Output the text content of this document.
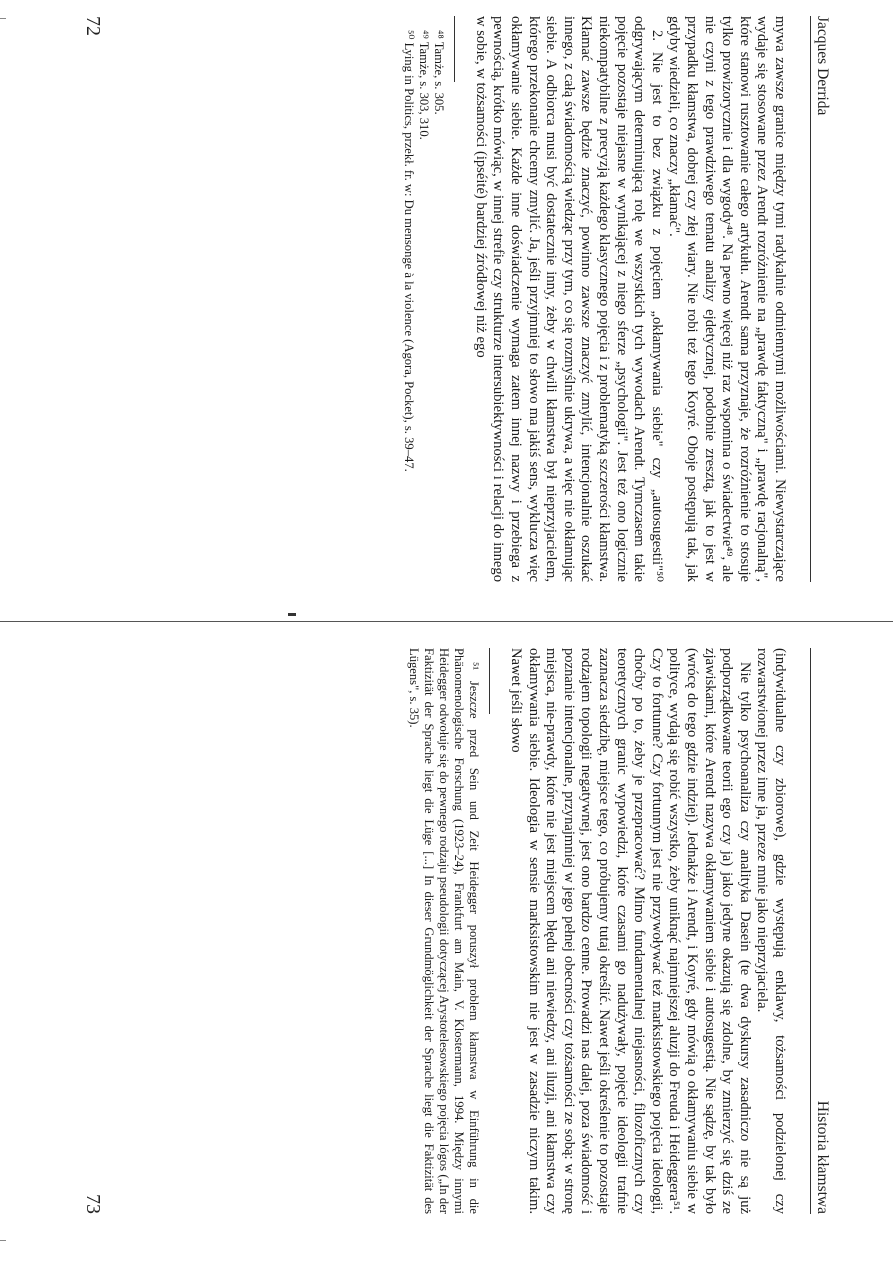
Jacques Derrida

mywa zawsze granice między tymi radykalnie odmiennymi możliwościami. Niewystarczające wydaje się stosowane przez Arendt rozróżnienie na „prawdę faktyczną" i „prawdę racjonalną", które stanowi rusztowanie całego artykułu. Arendt sama przyznaje, że rozróżnienie to stosuje tylko prowizorycznie i dla wygody⁴⁸. Na pewno więcej niż raz wspomina o świadectwie⁴⁹, ale nie czyni z tego prawdziwego tematu analizy ejdetycznej, podobnie zresztą, jak to jest w przypadku kłamstwa, dobrej czy złej wiary. Nie robi też tego Koyré. Oboje postępują tak, jak gdyby wiedzieli, co znaczy „kłamać".

2. Nie jest to bez związku z pojęciem „okłamywania siebie" czy „autosugestii"⁵⁰ odgrywającym determinującą rolę we wszystkich tych wywodach Arendt. Tymczasem takie pojęcie pozostaje niejasne w wynikającej z niego sferze „psychologii". Jest też ono logicznie niekompatybilne z precyzją każdego klasycznego pojęcia i z problematyką szczerości kłamstwa. Kłamać zawsze będzie znaczyć, powinno zawsze znaczyć zmylić, intencjonalnie oszukać innego, z całą świadomością wiedząc przy tym, co się rozmyślnie ukrywa, a więc nie okłamując siebie. A odbiorca musi być dostatecznie inny, żeby w chwili kłamstwa był nieprzyjacielem, którego przekonanie chcemy zmylić. Ja, jeśli przyjmniej to słowo ma jakiś sens, wyklucza więc okłamywanie siebie. Każde inne doświadczenie wymaga zatem innej nazwy i przebiega z pewnością, krótko mówiąc, w innej strefie czy strukturze intersubiektywności i relacji do innego w sobie, w tożsamości (ipséité) bardziej źródłowej niż ego

⁴⁸ Tamże, s. 305.

⁴⁹ Tamże, s. 303, 310.

⁵⁰ Lying in Politics, przekł. fr. w: Du mensonge à la violence (Agora, Pocket), s. 39–47.

72
Historia kłamstwa

(indywidualne czy zbiorowe), gdzie występują enklawy, tożsamości podzielonej czy rozwarstwionej przez inne ja, przeze mnie jako nieprzyjaciela.

Nie tylko psychoanaliza czy analityka Dasein (te dwa dyskursy zasadniczo nie są już podporządkowane teorii ego czy ja) jako jedyne okazują się zdolne, by zmierzyć się dziś ze zjawiskami, które Arendt nazywa okłamywaniem siebie i autosugestią. Nie sądzę, by tak było (wrócę do tego gdzie indziej). Jednakże i Arendt, i Koyré, gdy mówią o okłamywaniu siebie w polityce, wydają się robić wszystko, żeby uniknąć najmniejszej aluzji do Freuda i Heideggera⁵¹. Czy to fortunne? Czy fortunnym jest nie przywoływać też marksistowskiego pojęcia ideologii, choćby po to, żeby je przepracować? Mimo fundamentalnej niejasności, filozoficznych czy teoretycznych granic wypowiedzi, które czasami go nadużywały, pojęcie ideologii trafnie zaznacza siedzibę, miejsce tego, co próbujemy tutaj określić. Nawet jeśli określenie to pozostaje rodzajem topologii negatywnej, jest ono bardzo cenne. Prowadzi nas dalej, poza świadomość i poznanie intencjonalne, przynajmniej w jego pełnej obecności czy tożsamości ze sobą: w stronę miejsca, nie-prawdy, które nie jest miejscem błędu ani niewiedzy, ani iluzji, ani kłamstwa czy okłamywania siebie. Ideologia w sensie marksistowskim nie jest w zasadzie niczym takim. Nawet jeśli słowo

⁵¹ Jeszcze przed Sein und Zeit Heidegger poruszył problem kłamstwa w Einführung in die Phänomenologische Forschung (1923–24), Frankfurt am Main, V. Klostermann, 1994. Między innymi Heidegger odwołuje się do pewnego rodzaju pseudologii dotyczącej Arystotelesowskiego pojęcia lógos („In der Faktizität der Sprache liegt die Lüge [...] In dieser Grundmöglichkeit der Sprache liegt die Faktizität des Lügens", s. 35).

73
